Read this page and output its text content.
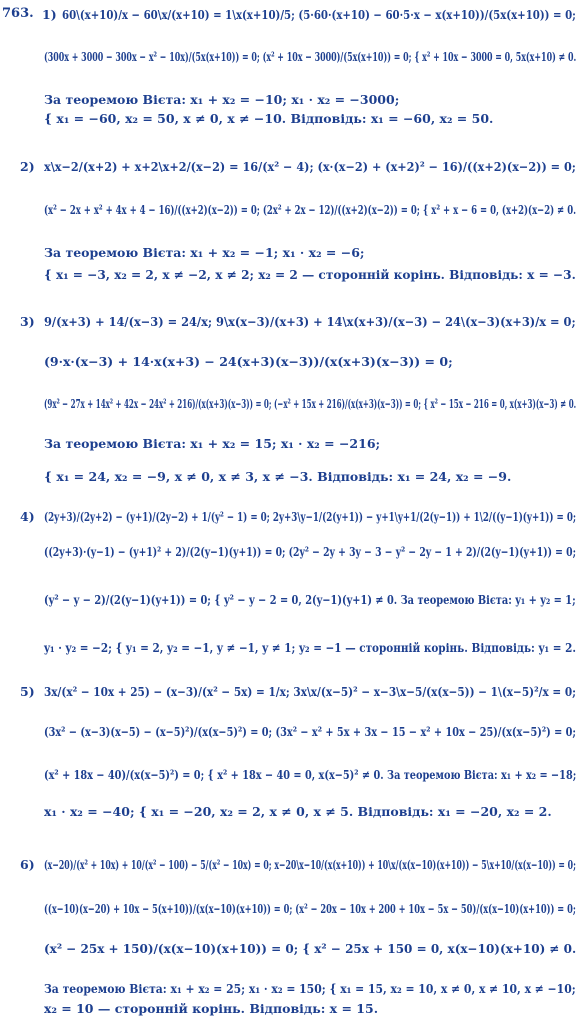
763. 1) 60\(x+10)/x − 60\x/(x+10) = 1\x(x+10)/5; (5·60·(x+10) − 60·5·x − x(x+10))/(5x(x+10)) = 0;
(300x + 3000 − 300x − x² − 10x)/(5x(x+10)) = 0; (x² + 10x − 3000)/(5x(x+10)) = 0; { x² + 10x − 3000 = 0, 5x(x+10) ≠ 0.
За теоремою Вієта: x₁ + x₂ = −10; x₁ · x₂ = −3000;
{ x₁ = −60, x₂ = 50, x ≠ 0, x ≠ −10. Відповідь: x₁ = −60, x₂ = 50.
2) x\x−2/(x+2) + x+2\x+2/(x−2) = 16/(x² − 4); (x·(x−2) + (x+2)² − 16)/((x+2)(x−2)) = 0;
(x² − 2x + x² + 4x + 4 − 16)/((x+2)(x−2)) = 0; (2x² + 2x − 12)/((x+2)(x−2)) = 0; { x² + x − 6 = 0, (x+2)(x−2) ≠ 0.
За теоремою Вієта: x₁ + x₂ = −1; x₁ · x₂ = −6;
{ x₁ = −3, x₂ = 2, x ≠ −2, x ≠ 2; x₂ = 2 — сторонній корінь. Відповідь: x = −3.
3) 9/(x+3) + 14/(x−3) = 24/x; 9\x(x−3)/(x+3) + 14\x(x+3)/(x−3) − 24\(x−3)(x+3)/x = 0;
(9·x·(x−3) + 14·x(x+3) − 24(x+3)(x−3))/(x(x+3)(x−3)) = 0;
(9x² − 27x + 14x² + 42x − 24x² + 216)/(x(x+3)(x−3)) = 0; (−x² + 15x + 216)/(x(x+3)(x−3)) = 0; { x² − 15x − 216 = 0, x(x+3)(x−3) ≠ 0.
За теоремою Вієта: x₁ + x₂ = 15; x₁ · x₂ = −216;
{ x₁ = 24, x₂ = −9, x ≠ 0, x ≠ 3, x ≠ −3. Відповідь: x₁ = 24, x₂ = −9.
4) (2y+3)/(2y+2) − (y+1)/(2y−2) + 1/(y² − 1) = 0; 2y+3\y−1/(2(y+1)) − y+1\y+1/(2(y−1)) + 1\2/((y−1)(y+1)) = 0;
((2y+3)·(y−1) − (y+1)² + 2)/(2(y−1)(y+1)) = 0; (2y² − 2y + 3y − 3 − y² − 2y − 1 + 2)/(2(y−1)(y+1)) = 0;
(y² − y − 2)/(2(y−1)(y+1)) = 0; { y² − y − 2 = 0, 2(y−1)(y+1) ≠ 0. За теоремою Вієта: y₁ + y₂ = 1;
y₁ · y₂ = −2; { y₁ = 2, y₂ = −1, y ≠ −1, y ≠ 1; y₂ = −1 — сторонній корінь. Відповідь: y₁ = 2.
5) 3x/(x² − 10x + 25) − (x−3)/(x² − 5x) = 1/x; 3x\x/(x−5)² − x−3\x−5/(x(x−5)) − 1\(x−5)²/x = 0;
(3x² − (x−3)(x−5) − (x−5)²)/(x(x−5)²) = 0; (3x² − x² + 5x + 3x − 15 − x² + 10x − 25)/(x(x−5)²) = 0;
(x² + 18x − 40)/(x(x−5)²) = 0; { x² + 18x − 40 = 0, x(x−5)² ≠ 0. За теоремою Вієта: x₁ + x₂ = −18;
x₁ · x₂ = −40; { x₁ = −20, x₂ = 2, x ≠ 0, x ≠ 5. Відповідь: x₁ = −20, x₂ = 2.
6) (x−20)/(x² + 10x) + 10/(x² − 100) − 5/(x² − 10x) = 0; x−20\x−10/(x(x+10)) + 10\x/(x(x−10)(x+10)) − 5\x+10/(x(x−10)) = 0;
((x−10)(x−20) + 10x − 5(x+10))/(x(x−10)(x+10)) = 0; (x² − 20x − 10x + 200 + 10x − 5x − 50)/(x(x−10)(x+10)) = 0;
(x² − 25x + 150)/(x(x−10)(x+10)) = 0; { x² − 25x + 150 = 0, x(x−10)(x+10) ≠ 0.
За теоремою Вієта: x₁ + x₂ = 25; x₁ · x₂ = 150; { x₁ = 15, x₂ = 10, x ≠ 0, x ≠ 10, x ≠ −10;
x₂ = 10 — сторонній корінь. Відповідь: x = 15.
